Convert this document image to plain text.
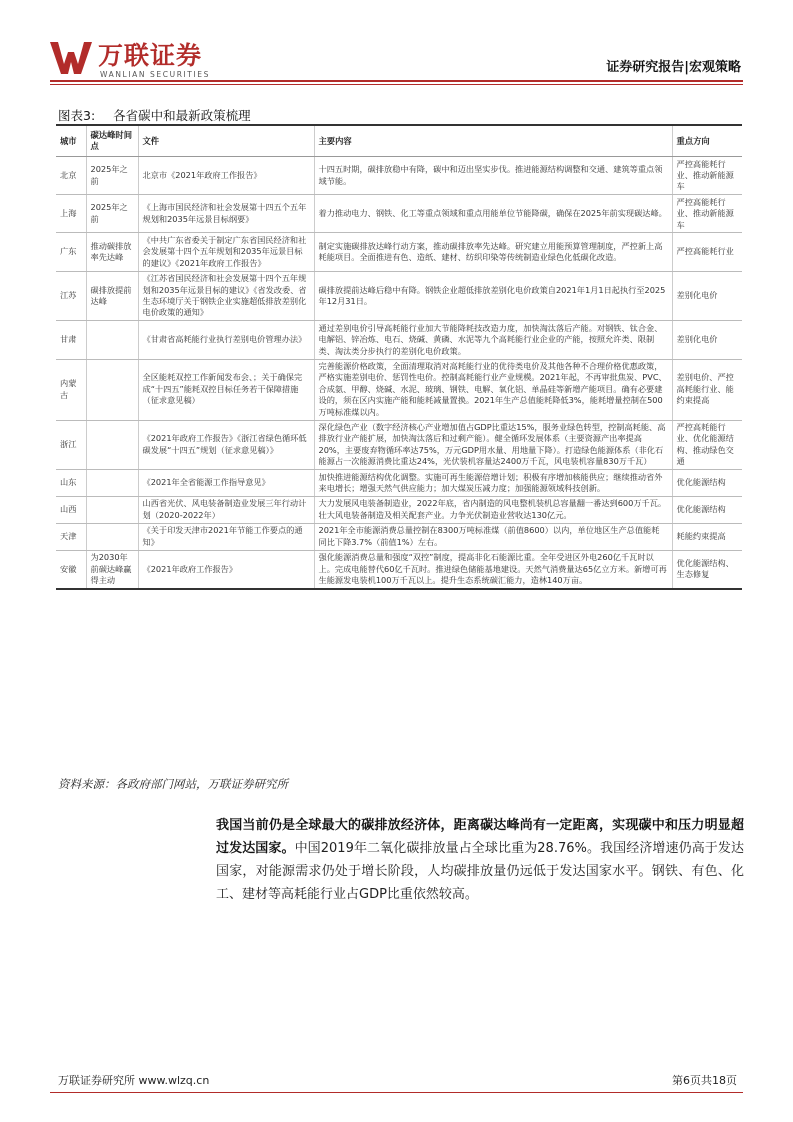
万联证券
WANLIAN SECURITIES	证券研究报告|宏观策略
图表3: 各省碳中和最新政策梳理
城市	碳达峰时间点	文件	主要内容	重点方向
北京	2025年之前	北京市《2021年政府工作报告》	十四五时期，碳排放稳中有降，碳中和迈出坚实步伐。推进能源结构调整和交通、建筑等重点领域节能。	严控高能耗行业、推动新能源车
上海	2025年之前	《上海市国民经济和社会发展第十四五个五年规划和2035年远景目标纲要》	着力推动电力、钢铁、化工等重点领域和重点用能单位节能降碳，确保在2025年前实现碳达峰。	严控高能耗行业、推动新能源车
广东	推动碳排放率先达峰	《中共广东省委关于制定广东省国民经济和社会发展第十四个五年规划和2035年远景目标的建议》《2021年政府工作报告》	制定实施碳排放达峰行动方案，推动碳排放率先达峰。研究建立用能预算管理制度，严控新上高耗能项目。全面推进有色、造纸、建材、纺织印染等传统制造业绿色化低碳化改造。	严控高能耗行业
江苏	碳排放提前达峰	《江苏省国民经济和社会发展第十四个五年规划和2035年远景目标的建议》《省发改委、省生态环境厅关于钢铁企业实施超低排放差别化电价政策的通知》	碳排放提前达峰后稳中有降。钢铁企业超低排放差别化电价政策自2021年1月1日起执行至2025年12月31日。	差别化电价
甘肃		《甘肃省高耗能行业执行差别电价管理办法》	通过差别电价引导高耗能行业加大节能降耗技改造力度，加快淘汰落后产能。对钢铁、钛合金、电解铝、锌冶炼、电石、烧碱、黄磷、水泥等九个高耗能行业企业的产能，按照允许类、限制类、淘汰类分步执行的差别化电价政策。	差别化电价
内蒙古		全区能耗双控工作新闻发布会、；关于确保完成“十四五”能耗双控目标任务若干保障措施（征求意见稿）	完善能源价格政策，全面清理取消对高耗能行业的优待类电价及其他各种不合理价格优惠政策，严格实施差别电价、惩罚性电价。控制高耗能行业产业规模。2021年起，不再审批焦炭、PVC、合成氨、甲醇、烧碱、水泥、玻璃、钢铁、电解、氧化铝、单晶硅等新增产能项目。确有必要建设的，须在区内实施产能和能耗减量置换。2021年生产总值能耗降低3%，能耗增量控制在500万吨标准煤以内。	差别电价、严控高耗能行业、能约束提高
浙江		《2021年政府工作报告》《浙江省绿色循环低碳发展“十四五”规划（征求意见稿）》	深化绿色产业（数字经济核心产业增加值占GDP比重达15%，服务业绿色转型，控制高耗能、高排放行业产能扩展，加快淘汰落后和过剩产能）。健全循环发展体系（主要资源产出率提高20%，主要废弃物循环率达75%，万元GDP用水量、用地量下降）。打造绿色能源体系（非化石能源占一次能源消费比重达24%，光伏装机容量达2400万千瓦，风电装机容量830万千瓦）	严控高耗能行业、优化能源结构、推动绿色交通
山东		《2021年全省能源工作指导意见》	加快推进能源结构优化调整。实施可再生能源倍增计划；积极有序增加核能供应；继续推动省外来电增长；增强天然气供应能力；加大煤炭压减力度；加强能源领域科技创新。	优化能源结构
山西		山西省光伏、风电装备制造业发展三年行动计划（2020-2022年）	大力发展风电装备制造业，2022年底，省内制造的风电整机装机总容量翻一番达到600万千瓦。壮大风电装备制造及相关配套产业。力争光伏制造业营收达130亿元。	优化能源结构
天津		《关于印发天津市2021年节能工作要点的通知》	2021年全市能源消费总量控制在8300万吨标准煤（前值8600）以内，单位地区生产总值能耗同比下降3.7%（前值1%）左右。	耗能约束提高
安徽	为2030年前碳达峰赢得主动	《2021年政府工作报告》	强化能源消费总量和强度“双控”制度，提高非化石能源比重。全年受进区外电260亿千瓦时以上。完成电能替代60亿千瓦时。推进绿色储能基地建设。天然气消费量达65亿立方米。新增可再生能源发电装机100万千瓦以上。提升生态系统碳汇能力，造林140万亩。	优化能源结构、生态修复
资料来源：各政府部门网站，万联证券研究所
我国当前仍是全球最大的碳排放经济体，距离碳达峰尚有一定距离，实现碳中和压力明显超过发达国家。中国2019年二氧化碳排放量占全球比重为28.76%。我国经济增速仍高于发达国家，对能源需求仍处于增长阶段，人均碳排放量仍远低于发达国家水平。钢铁、有色、化工、建材等高耗能行业占GDP比重依然较高。
万联证券研究所 www.wlzq.cn	第6页共18页
